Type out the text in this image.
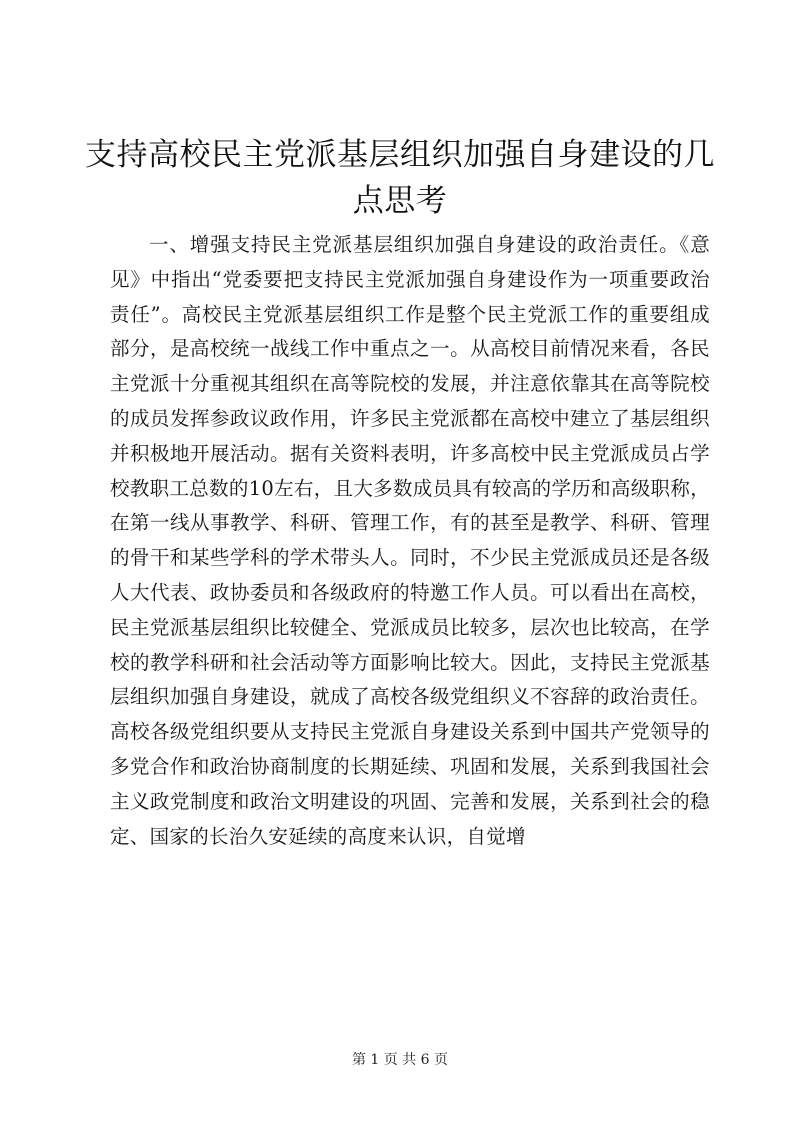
支持高校民主党派基层组织加强自身建设的几点思考

一、增强支持民主党派基层组织加强自身建设的政治责任。《意见》中指出“党委要把支持民主党派加强自身建设作为一项重要政治责任”。高校民主党派基层组织工作是整个民主党派工作的重要组成部分，是高校统一战线工作中重点之一。从高校目前情况来看，各民主党派十分重视其组织在高等院校的发展，并注意依靠其在高等院校的成员发挥参政议政作用，许多民主党派都在高校中建立了基层组织并积极地开展活动。据有关资料表明，许多高校中民主党派成员占学校教职工总数的10左右，且大多数成员具有较高的学历和高级职称，在第一线从事教学、科研、管理工作，有的甚至是教学、科研、管理的骨干和某些学科的学术带头人。同时，不少民主党派成员还是各级人大代表、政协委员和各级政府的特邀工作人员。可以看出在高校，民主党派基层组织比较健全、党派成员比较多，层次也比较高，在学校的教学科研和社会活动等方面影响比较大。因此，支持民主党派基层组织加强自身建设，就成了高校各级党组织义不容辞的政治责任。高校各级党组织要从支持民主党派自身建设关系到中国共产党领导的多党合作和政治协商制度的长期延续、巩固和发展，关系到我国社会主义政党制度和政治文明建设的巩固、完善和发展，关系到社会的稳定、国家的长治久安延续的高度来认识，自觉增

第 1 页 共 6 页
